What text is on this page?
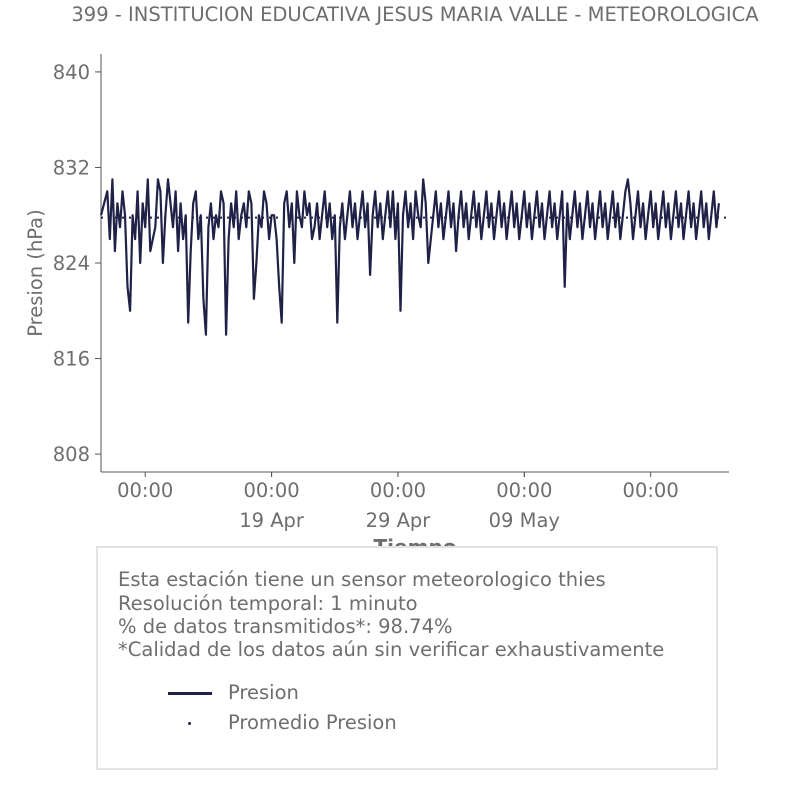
399 - INSTITUCION EDUCATIVA JESUS MARIA VALLE - METEOROLOGICA
808
816
824
832
840
00:00	00:00	00:00	00:00	00:00
19 Apr	29 Apr	09 May
Presion (hPa)
Esta estación tiene un sensor meteorologico thies
Resolución temporal: 1 minuto
% de datos transmitidos*: 98.74%
*Calidad de los datos aún sin verificar exhaustivamente
Presion
Promedio Presion
